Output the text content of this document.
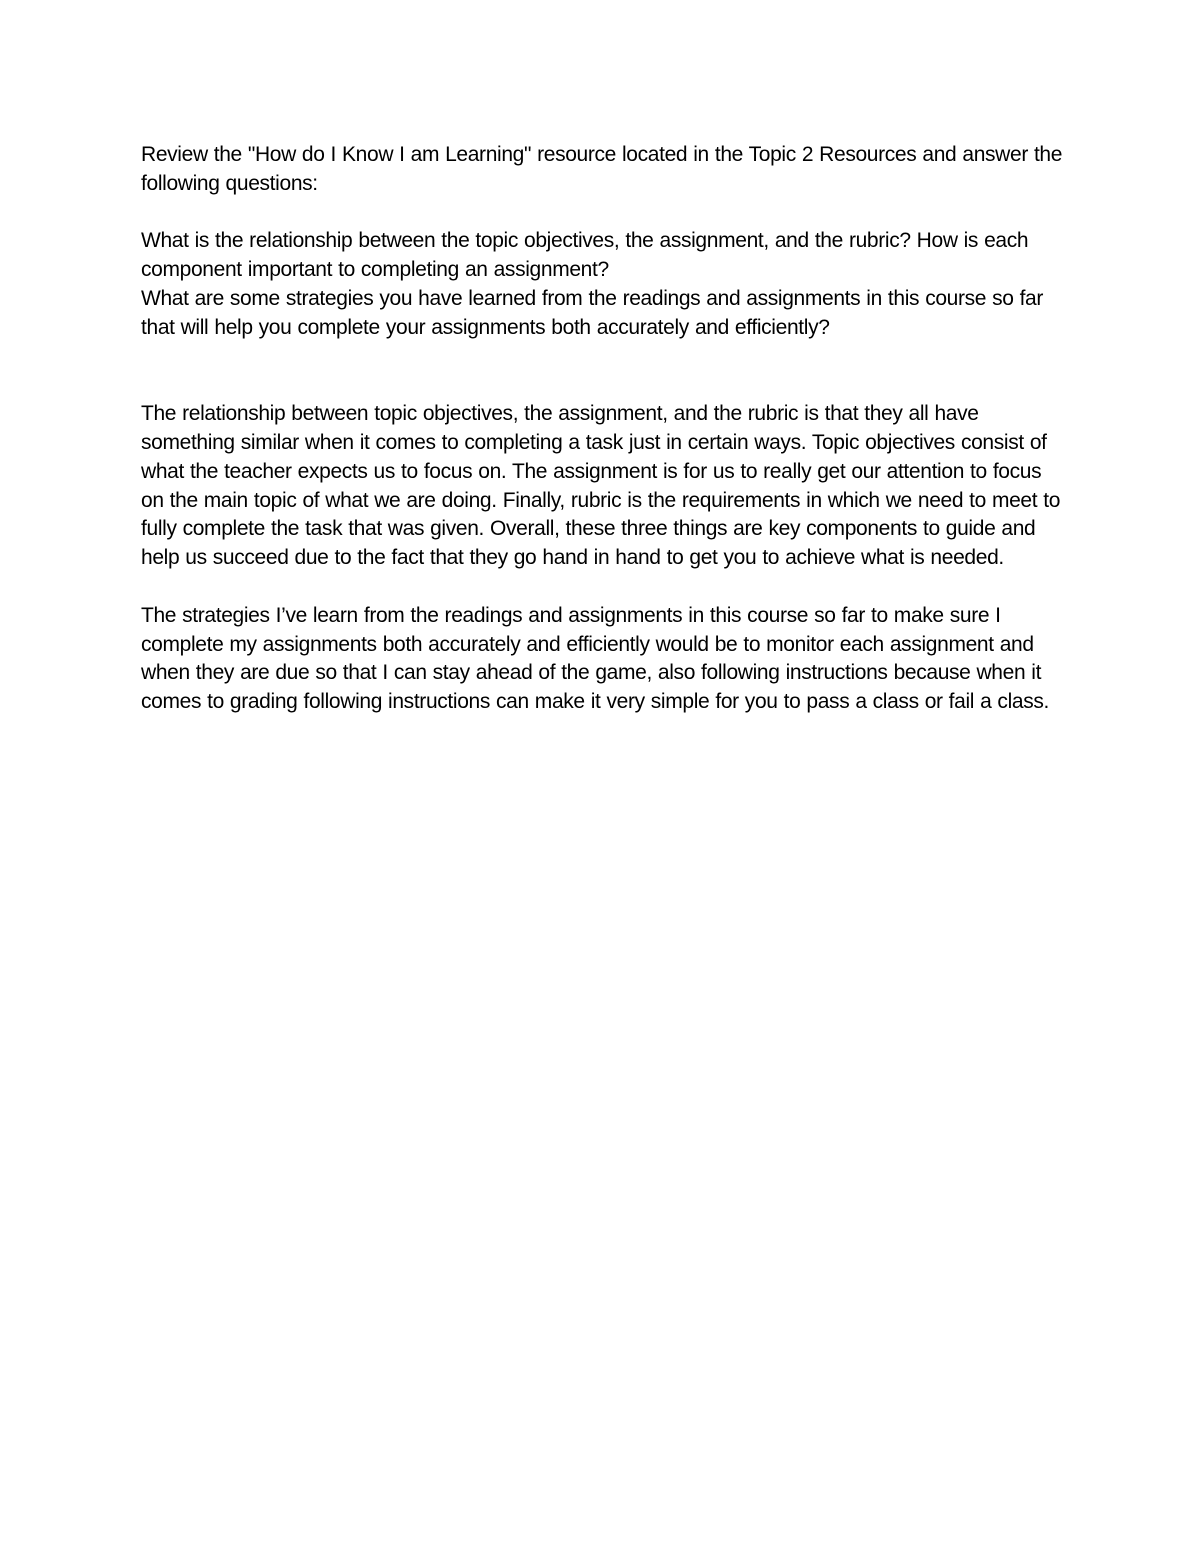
Review the "How do I Know I am Learning" resource located in the Topic 2 Resources and answer the following questions:

What is the relationship between the topic objectives, the assignment, and the rubric? How is each component important to completing an assignment?

What are some strategies you have learned from the readings and assignments in this course so far that will help you complete your assignments both accurately and efficiently?

The relationship between topic objectives, the assignment, and the rubric is that they all have something similar when it comes to completing a task just in certain ways. Topic objectives consist of what the teacher expects us to focus on. The assignment is for us to really get our attention to focus on the main topic of what we are doing. Finally, rubric is the requirements in which we need to meet to fully complete the task that was given. Overall, these three things are key components to guide and help us succeed due to the fact that they go hand in hand to get you to achieve what is needed.

The strategies I’ve learn from the readings and assignments in this course so far to make sure I complete my assignments both accurately and efficiently would be to monitor each assignment and when they are due so that I can stay ahead of the game, also following instructions because when it comes to grading following instructions can make it very simple for you to pass a class or fail a class.
